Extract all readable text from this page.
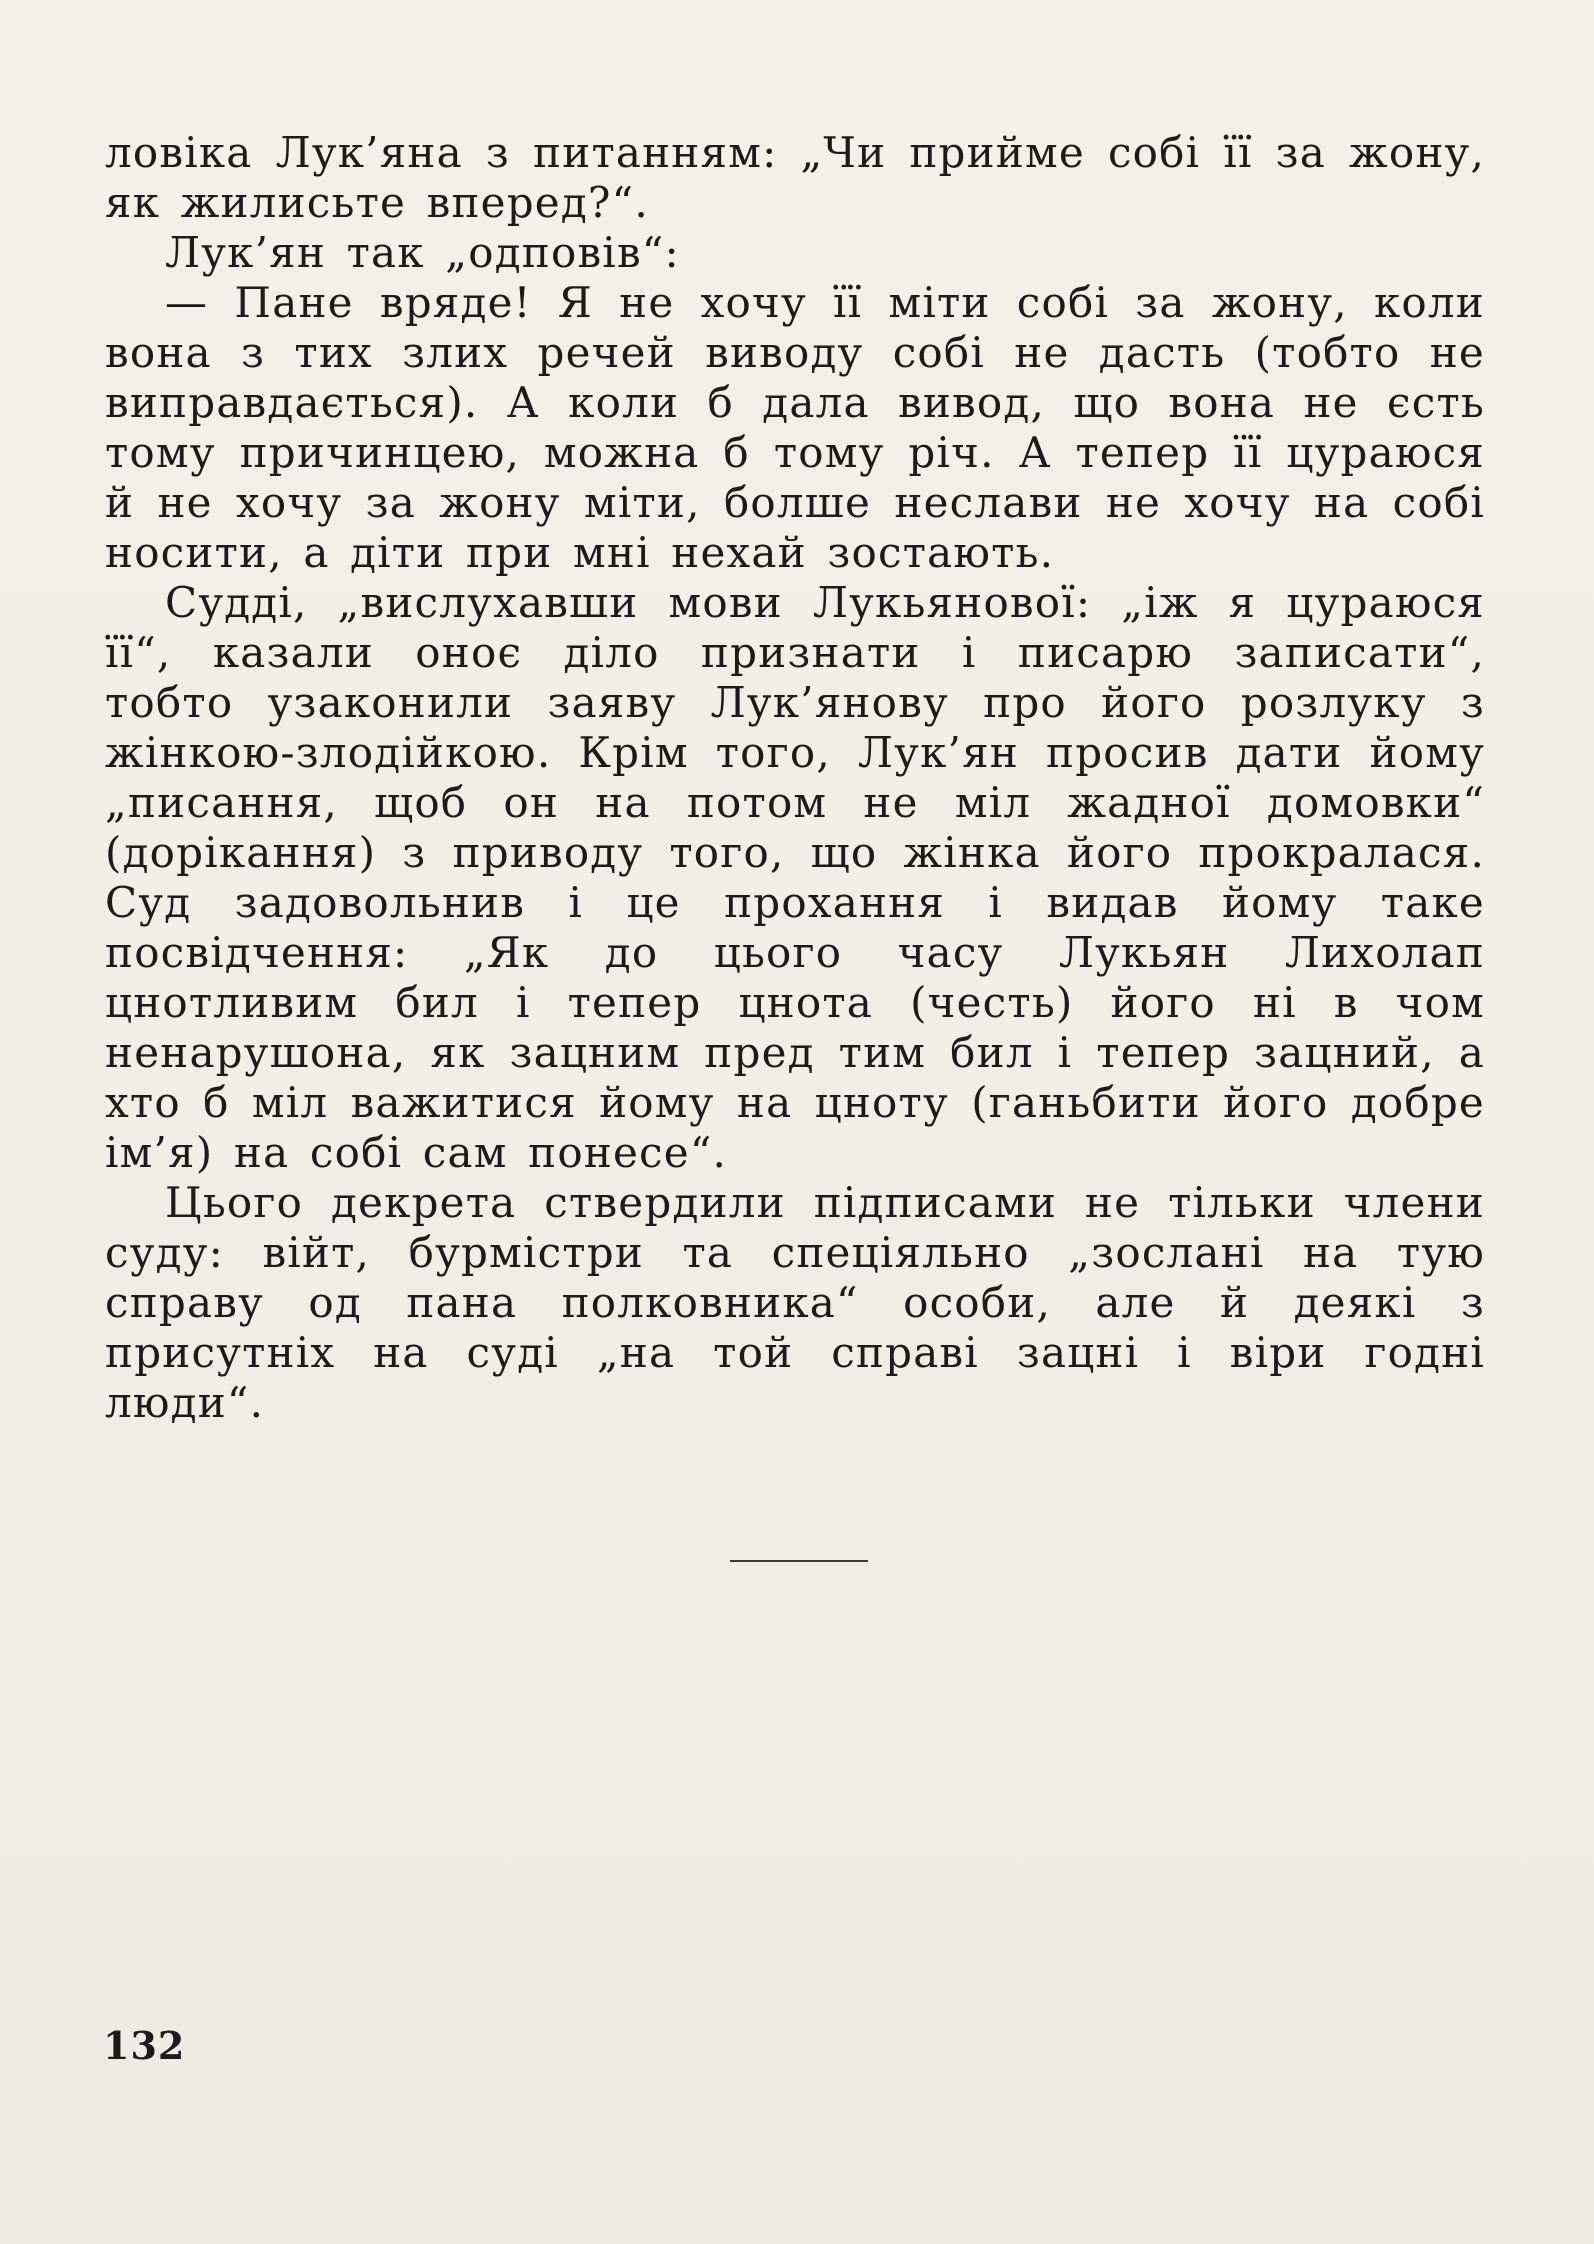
ловіка Лук’яна з питанням: „Чи прийме собі її за жону, як жилисьте вперед?“.

Лук’ян так „одповів“:

— Пане вряде! Я не хочу її міти собі за жону, коли вона з тих злих речей виводу собі не дасть (тобто не виправдається). А коли б дала вивод, що вона не єсть тому причинцею, можна б тому річ. А тепер її цураюся й не хочу за жону міти, болше неслави не хочу на собі носити, а діти при мні нехай зостають.

Судді, „вислухавши мови Лукьянової: „іж я цураюся її“, казали оноє діло признати і писарю записати“, тобто узаконили заяву Лук’янову про його розлуку з жінкою-злодійкою. Крім того, Лук’ян просив дати йому „писання, щоб он на потом не міл жадної домовки“ (дорікання) з приводу того, що жінка його прокралася. Суд задовольнив і це прохання і видав йому таке посвідчення: „Як до цього часу Лукьян Лихолап цнотливим бил і тепер цнота (честь) його ні в чом ненарушона, як зацним пред тим бил і тепер зацний, а хто б міл важитися йому на цноту (ганьбити його добре ім’я) на собі сам понесе“.

Цього декрета ствердили підписами не тільки члени суду: війт, бурмістри та спеціяльно „зослані на тую справу од пана полковника“ особи, але й деякі з присутніх на суді „на той справі зацні і віри годні люди“.

132
